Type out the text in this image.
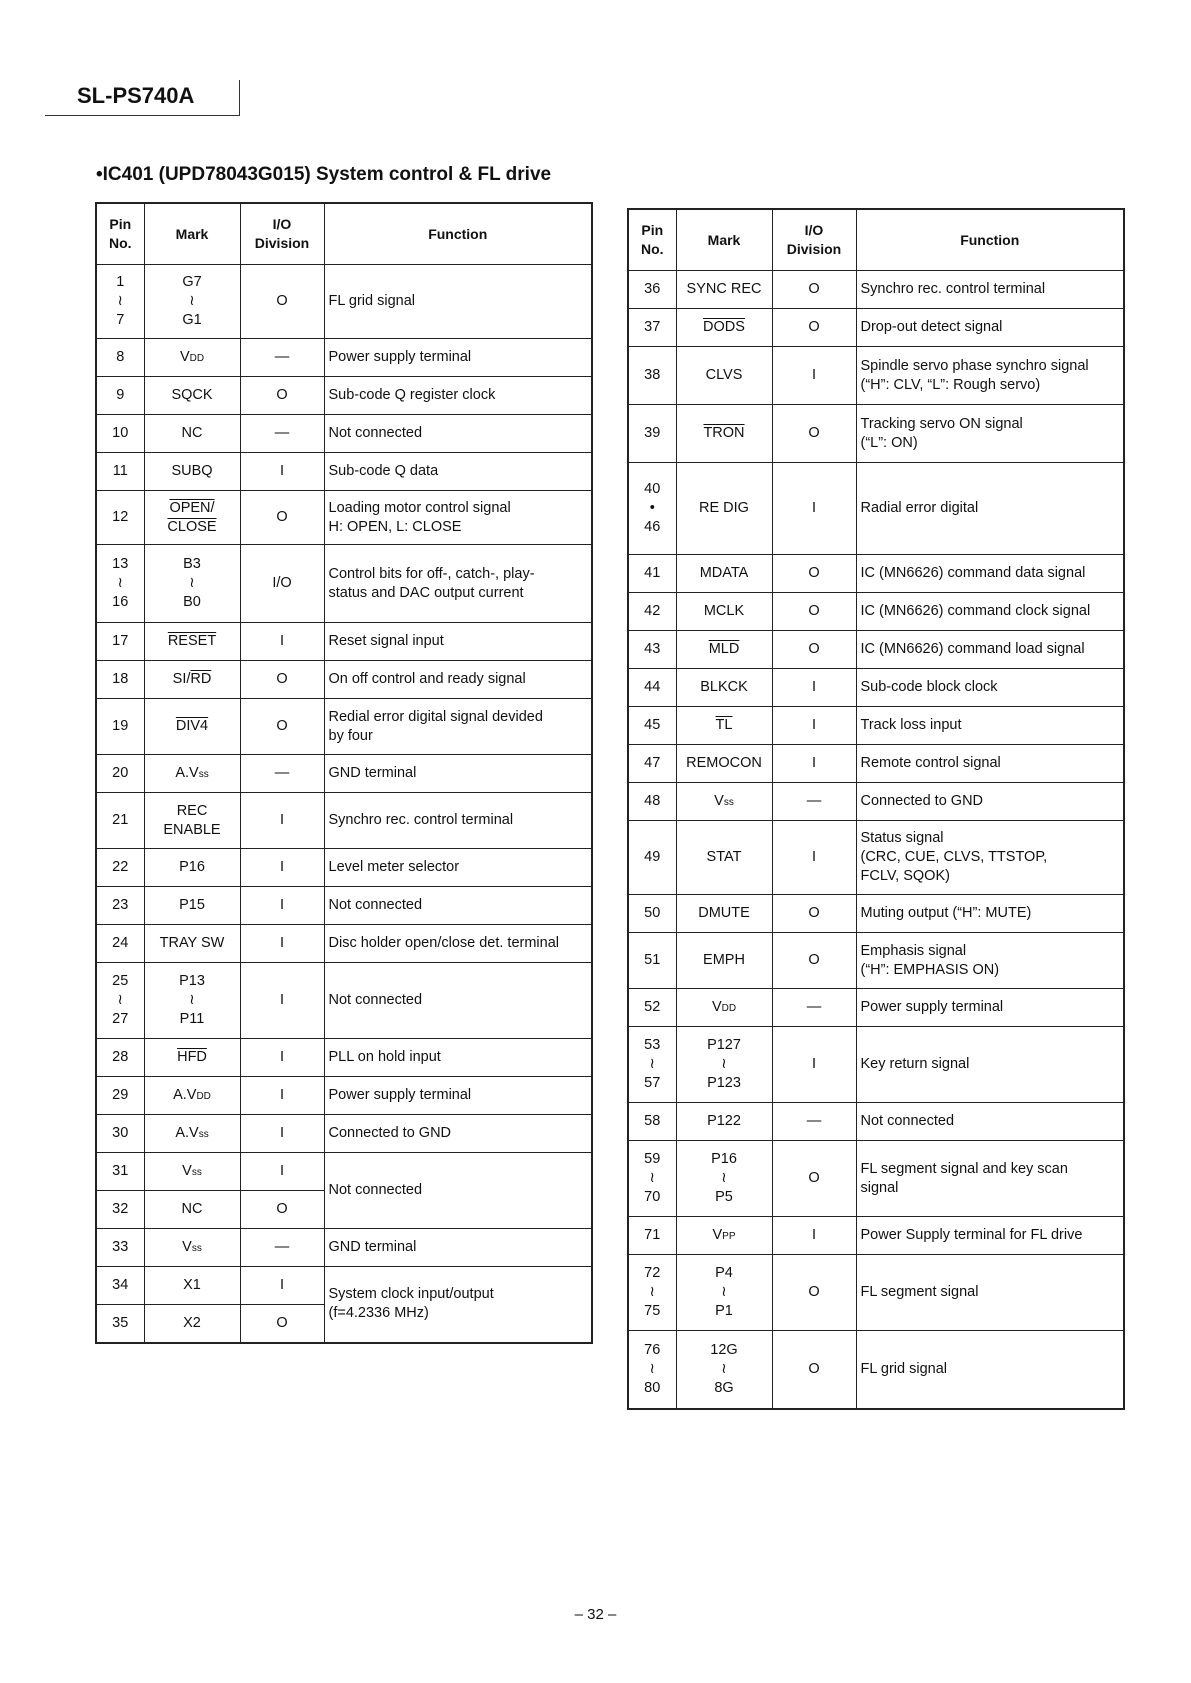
SL-PS740A
•IC401 (UPD78043G015) System control & FL drive
Pin No.	Mark	I/O Division	Function
1
≀
7	G7
≀
G1	O	FL grid signal
8	VDD	—	Power supply terminal
9	SQCK	O	Sub-code Q register clock
10	NC	—	Not connected
11	SUBQ	I	Sub-code Q data
12	OPEN/
CLOSE	O	Loading motor control signal
H: OPEN, L: CLOSE
13
≀
16	B3
≀
B0	I/O	Control bits for off-, catch-, play-
status and DAC output current
17	RESET	I	Reset signal input
18	$SI/\overline{RD}$	O	On off control and ready signal
19	DIV4	O	Redial error digital signal devided
by four
20	A.Vss	—	GND terminal
21	REC
ENABLE	I	Synchro rec. control terminal
22	P16	I	Level meter selector
23	P15	I	Not connected
24	TRAY SW	I	Disc holder open/close det. terminal
25
≀
27	P13
≀
P11	I	Not connected
28	$\overline{HFD}$	I	PLL on hold input
29	A.VDD	I	Power supply terminal
30	A.Vss	I	Connected to GND
31	Vss	I	Not connected
32	NC	O	
33	Vss	—	GND terminal
34	X1	I	System clock input/output
(f=4.2336 MHz)
35	X2	O	
Pin No.	Mark	I/O Division	Function
36	SYNC REC	O	Synchro rec. control terminal
37	DODS	O	Drop-out detect signal
38	CLVS	I	Spindle servo phase synchro signal
(“H”: CLV, “L”: Rough servo)
39	TRON	O	Tracking servo ON signal
(“L”: ON)
40
•
46	RE DIG	I	Radial error digital
41	MDATA	O	IC (MN6626) command data signal
42	MCLK	O	IC (MN6626) command clock signal
43	$\overline{MLD}$	O	IC (MN6626) command load signal
44	BLKCK	I	Sub-code block clock
45	$\overline{TL}$	I	Track loss input
47	REMOCON	I	Remote control signal
48	Vss	—	Connected to GND
49	STAT	I	Status signal
(CRC, CUE, CLVS, TTSTOP,
FCLV, SQOK)
50	DMUTE	O	Muting output (“H”: MUTE)
51	EMPH	O	Emphasis signal
(“H”: EMPHASIS ON)
52	VDD	—	Power supply terminal
53
≀
57	P127
≀
P123	I	Key return signal
58	P122	—	Not connected
59
≀
70	P16
≀
P5	O	FL segment signal and key scan
signal
71	VPP	I	Power Supply terminal for FL drive
72
≀
75	P4
≀
P1	O	FL segment signal
76
≀
80	12G
≀
8G	O	FL grid signal
– 32 –
